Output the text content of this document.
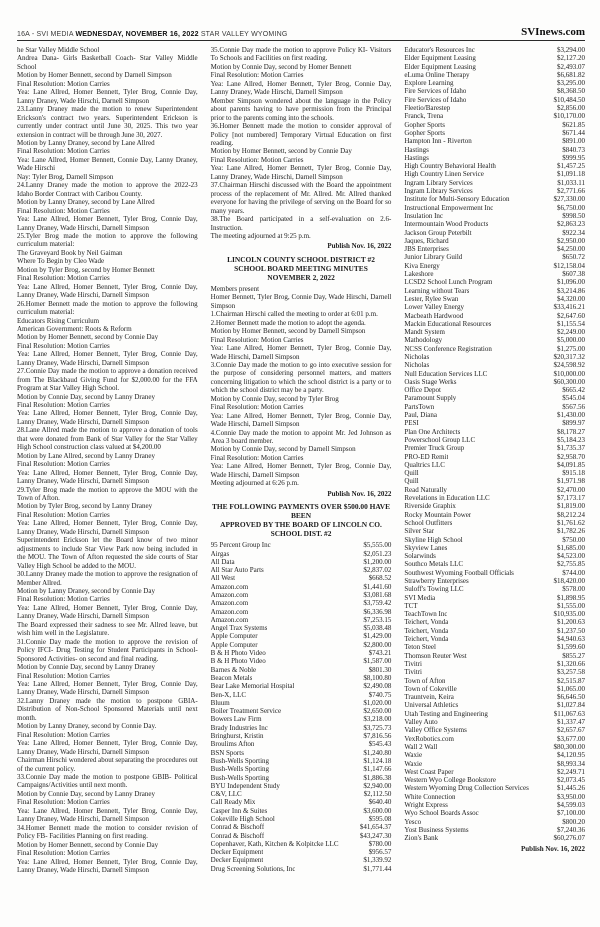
16A - SVI MEDIA WEDNESDAY, NOVEMBER 16, 2022 STAR VALLEY WYOMING	SVInews.com

he Star Valley Middle School

Andrea Dana- Girls Basketball Coach- Star Valley Middle School

Motion by Homer Bennett, second by Darnell Simpson

Final Resolution: Motion Carries

Yea: Lane Allred, Homer Bennett, Tyler Brog, Connie Day, Lanny Draney, Wade Hirschi, Darnell Simpson

23.Lanny Draney made the motion to renew Superintendent Erickson's contract two years. Superintendent Erickson is currently under contract until June 30, 2025. This two year extension in contract will be through June 30, 2027.

Motion by Lanny Draney, second by Lane Allred

Final Resolution: Motion Carries

Yea: Lane Allred, Homer Bennett, Connie Day, Lanny Draney, Wade Hirschi

Nay: Tyler Brog, Darnell Simpson

24.Lanny Draney made the motion to approve the 2022-23 Idaho Border Contract with Caribou County.

Motion by Lanny Draney, second by Lane Allred

Final Resolution: Motion Carries

Yea: Lane Allred, Homer Bennett, Tyler Brog, Connie Day, Lanny Draney, Wade Hirschi, Darnell Simpson

25.Tyler Brog made the motion to approve the following curriculum material:

The Graveyard Book by Neil Gaiman

Where To Begin by Cleo Wade

Motion by Tyler Brog, second by Homer Bennett

Final Resolution: Motion Carries

Yea: Lane Allred, Homer Bennett, Tyler Brog, Connie Day, Lanny Draney, Wade Hirschi, Darnell Simpson

26.Homer Bennett made the motion to approve the following curriculum material:

Educators Rising Curriculum

American Government: Roots & Reform

Motion by Homer Bennett, second by Connie Day

Final Resolution: Motion Carries

Yea: Lane Allred, Homer Bennett, Tyler Brog, Connie Day, Lanny Draney, Wade Hirschi, Darnell Simpson

27.Connie Day made the motion to approve a donation received from The Blackbaud Giving Fund for $2,000.00 for the FFA Program at Star Valley High School.

Motion by Connie Day, second by Lanny Draney

Final Resolution: Motion Carries

Yea: Lane Allred, Homer Bennett, Tyler Brog, Connie Day, Lanny Draney, Wade Hirschi, Darnell Simpson

28.Lane Allred made the motion to approve a donation of tools that were donated from Bank of Star Valley for the Star Valley High School construction class valued at $4,200.00

Motion by Lane Allred, second by Lanny Draney

Final Resolution: Motion Carries

Yea: Lane Allred, Homer Bennett, Tyler Brog, Connie Day, Lanny Draney, Wade Hirschi, Darnell Simpson

29.Tyler Brog made the motion to approve the MOU with the Town of Afton.

Motion by Tyler Brog, second by Lanny Draney

Final Resolution: Motion Carries

Yea: Lane Allred, Homer Bennett, Tyler Brog, Connie Day, Lanny Draney, Wade Hirschi, Darnell Simpson

Superintendent Erickson let the Board know of two minor adjustments to include Star View Park now being included in the MOU. The Town of Afton requested the side courts of Star Valley High School be added to the MOU.

30.Lanny Draney made the motion to approve the resignation of Member Allred.

Motion by Lanny Draney, second by Connie Day

Final Resolution: Motion Carries

Yea: Lane Allred, Homer Bennett, Tyler Brog, Connie Day, Lanny Draney, Wade Hirschi, Darnell Simpson

The Board expressed their sadness to see Mr. Allred leave, but wish him well in the Legislature.

31.Connie Day made the motion to approve the revision of Policy IFCI- Drug Testing for Student Participants in School-Sponsored Activities- on second and final reading.

Motion by Connie Day, second by Lanny Draney

Final Resolution: Motion Carries

Yea: Lane Allred, Homer Bennett, Tyler Brog, Connie Day, Lanny Draney, Wade Hirschi, Darnell Simpson

32.Lanny Draney made the motion to postpone GBIA- Distribution of Non-School Sponsored Materials until next month.

Motion by Lanny Draney, second by Connie Day.

Final Resolution: Motion Carries

Yea: Lane Allred, Homer Bennett, Tyler Brog, Connie Day, Lanny Draney, Wade Hirschi, Darnell Simpson

Chairman Hirschi wondered about separating the procedures out of the current policy.

33.Connie Day made the motion to postpone GBIB- Political Campaigns/Activities until next month.

Motion by Connie Day, second by Lanny Draney

Final Resolution: Motion Carries

Yea: Lane Allred, Homer Bennett, Tyler Brog, Connie Day, Lanny Draney, Wade Hirschi, Darnell Simpson

34.Homer Bennett made the motion to consider revision of Policy FB- Facilities Planning on first reading.

Motion by Homer Bennett, second by Connie Day

Final Resolution: Motion Carries

Yea: Lane Allred, Homer Bennett, Tyler Brog, Connie Day, Lanny Draney, Wade Hirschi, Darnell Simpson

35.Connie Day made the motion to approve Policy KI- Visitors To Schools and Facilities on first reading.

Motion by Connie Day, second by Homer Bennett

Final Resolution: Motion Carries

Yea: Lane Allred, Homer Bennett, Tyler Brog, Connie Day, Lanny Draney, Wade Hirschi, Darnell Simpson

Member Simpson wondered about the language in the Policy about parents having to have permission from the Principal prior to the parents coming into the schools.

36.Homer Bennett made the motion to consider approval of Policy [not numbered] Temporary Virtual Education on first reading.

Motion by Homer Bennett, second by Connie Day

Final Resolution: Motion Carries

Yea: Lane Allred, Homer Bennett, Tyler Brog, Connie Day, Lanny Draney, Wade Hirschi, Darnell Simpson

37.Chairman Hirschi discussed with the Board the appointment process of the replacement of Mr. Allred. Mr. Allred thanked everyone for having the privilege of serving on the Board for so many years.

38.The Board participated in a self-evaluation on 2.6-Instruction.

The meeting adjourned at 9:25 p.m.

Publish Nov. 16, 2022
LINCOLN COUNTY SCHOOL DISTRICT #2
SCHOOL BOARD MEETING MINUTES
NOVEMBER 2, 2022

Members present

Homer Bennett, Tyler Brog, Connie Day, Wade Hirschi, Darnell Simpson

1.Chairman Hirschi called the meeting to order at 6:01 p.m.

2.Homer Bennett made the motion to adopt the agenda.

Motion by Homer Bennett, second by Darnell Simpson

Final Resolution: Motion Carries

Yea: Lane Allred, Homer Bennett, Tyler Brog, Connie Day, Wade Hirschi, Darnell Simpson

3.Connie Day made the motion to go into executive session for the purpose of considering personnel matters, and matters concerning litigation to which the school district is a party or to which the school district may be a party.

Motion by Connie Day, second by Tyler Brog

Final Resolution: Motion Carries

Yea: Lane Allred, Homer Bennett, Tyler Brog, Connie Day, Wade Hirschi, Darnell Simpson

4.Connie Day made the motion to appoint Mr. Jed Johnson as Area 3 board member.

Motion by Connie Day, second by Darnell Simpson

Final Resolution: Motion Carries

Yea: Lane Allred, Homer Bennett, Tyler Brog, Connie Day, Wade Hirschi, Darnell Simpson

Meeting adjourned at 6:26 p.m.

Publish Nov. 16, 2022
THE FOLLOWING PAYMENTS OVER $500.00 HAVE
BEEN
APPROVED BY THE BOARD OF LINCOLN CO.
SCHOOL DIST. #2
95 Percent Group Inc	$5,555.00
Airgas	$2,051.23
All Data	$1,200.00
All Star Auto Parts	$2,837.02
All West	$668.52
Amazon.com	$1,441.60
Amazon.com	$3,081.68
Amazon.com	$3,759.42
Amazon.com	$6,336.98
Amazon.com	$7,253.15
Angel Trax Systems	$5,038.48
Apple Computer	$1,429.00
Apple Computer	$2,800.00
B & H Photo Video	$743.21
B & H Photo Video	$1,587.00
Barnes & Noble	$801.30
Beacon Metals	$8,100.80
Bear Lake Memorial Hospital	$2,490.08
Ben-X, LLC	$740.75
Bluum	$1,020.00
Boiler Treatment Service	$2,650.00
Bowers Law Firm	$3,218.00
Brady Industries Inc	$3,725.73
Bringhurst, Kristin	$7,816.56
Broulims Afton	$545.43
BSN Sports	$1,240.80
Bush-Wells Sporting	$1,124.18
Bush-Wells Sporting	$1,147.66
Bush-Wells Sporting	$1,886.38
BYU Independent Study	$2,940.00
C&V, LLC	$2,112.50
Call Ready Mix	$640.40
Casper Inn & Suites	$3,600.00
Cokeville High School	$595.08
Conrad & Bischoff	$41,654.37
Conrad & Bischoff	$43,247.30
Copenhaver, Kath, Kitchen & Kolpitcke LLC	$780.00
Decker Equipment	$956.57
Decker Equipment	$1,339.92
Drug Screening Solutions, Inc	$1,771.44
Educator's Resources Inc	$3,294.00
Elder Equipment Leasing	$2,127.20
Elder Equipment Leasing	$2,493.07
eLuma Online Therapy	$6,681.82
Explore Learning	$3,295.00
Fire Services of Idaho	$8,368.50
Fire Services of Idaho	$10,484.50
Fleetio/Barestep	$2,856.00
Franck, Trena	$10,170.00
Gopher Sports	$621.85
Gopher Sports	$671.44
Hampton Inn - Riverton	$891.00
Hastings	$840.73
Hastings	$999.95
High Country Behavioral Health	$1,457.25
High Country Linen Service	$1,091.18
Ingram Library Services	$1,033.11
Ingram Library Services	$2,771.66
Institute for Multi-Sensory Education	$27,330.00
Instructional Empowerment Inc	$6,750.00
Insulation Inc	$998.50
Intermountain Wood Products	$2,863.23
Jackson Group Peterbilt	$922.34
Jaques, Richard	$2,950.00
JBS Enterprises	$4,250.00
Junior Library Guild	$650.72
Kiva Energy	$12,158.04
Lakeshore	$607.38
LCSD2 School Lunch Program	$1,096.00
Learning without Tears	$3,214.86
Lester, Rylee Swan	$4,320.00
Lower Valley Energy	$33,416.21
Macbeath Hardwood	$2,647.60
Mackin Educational Resources	$1,155.54
Mandt System	$2,249.00
Mathodology	$5,000.00
NCSS Conference Registration	$1,275.00
Nicholas	$20,317.32
Nicholas	$24,598.92
Null Education Services LLC	$10,000.00
Oasis Stage Werks	$60,300.00
Office Depot	$665.42
Paramount Supply	$545.04
PartsTown	$567.56
Paul, Diana	$1,430.00
PESI	$899.97
Plan One Architects	$8,178.27
Powerschool Group LLC	$5,184.23
Premier Truck Group	$1,735.37
PRO-ED Remit	$2,958.70
Qualtrics LLC	$4,091.85
Quill	$915.18
Quill	$1,971.98
Read Naturally	$2,470.00
Revelations in Education LLC	$7,173.17
Riverside Graphix	$1,819.00
Rocky Mountain Power	$8,212.24
School Outfitters	$1,761.62
Silver Star	$1,782.26
Skyline High School	$750.00
Skyview Lanes	$1,685.00
Solarwinds	$4,523.00
Southco Metals LLC	$2,755.85
Southwest Wyoming Football Officials	$744.00
Strawberry Enterprises	$18,420.00
Suloff's Towing LLC	$578.00
SVI Media	$1,898.95
TCT	$1,555.00
TeachTown Inc	$10,935.00
Teichert, Vonda	$1,200.63
Teichert, Vonda	$1,237.50
Teichert, Vonda	$4,940.63
Teton Steel	$1,599.60
Thomson Reuter West	$855.27
Tivitri	$1,320.66
Tivitri	$3,257.58
Town of Afton	$2,515.87
Town of Cokeville	$1,065.00
Trauntvein, Keira	$6,646.50
Universal Athletics	$1,027.84
Utah Testing and Engineering	$11,067.63
Valley Auto	$1,337.47
Valley Office Systems	$2,657.67
VexRobotics.com	$3,677.00
Wall 2 Wall	$80,300.00
Waxie	$4,120.95
Waxie	$8,993.34
West Coast Paper	$2,249.71
Western Wyo College Bookstore	$2,073.45
Western Wyoming Drug Collection Services	$1,445.26
White Connection	$3,950.00
Wright Express	$4,599.03
Wyo School Boards Assoc	$7,100.00
Yesco	$800.20
Yost Business Systems	$7,240.36
Zion's Bank	$60,276.07
Publish Nov. 16, 2022
